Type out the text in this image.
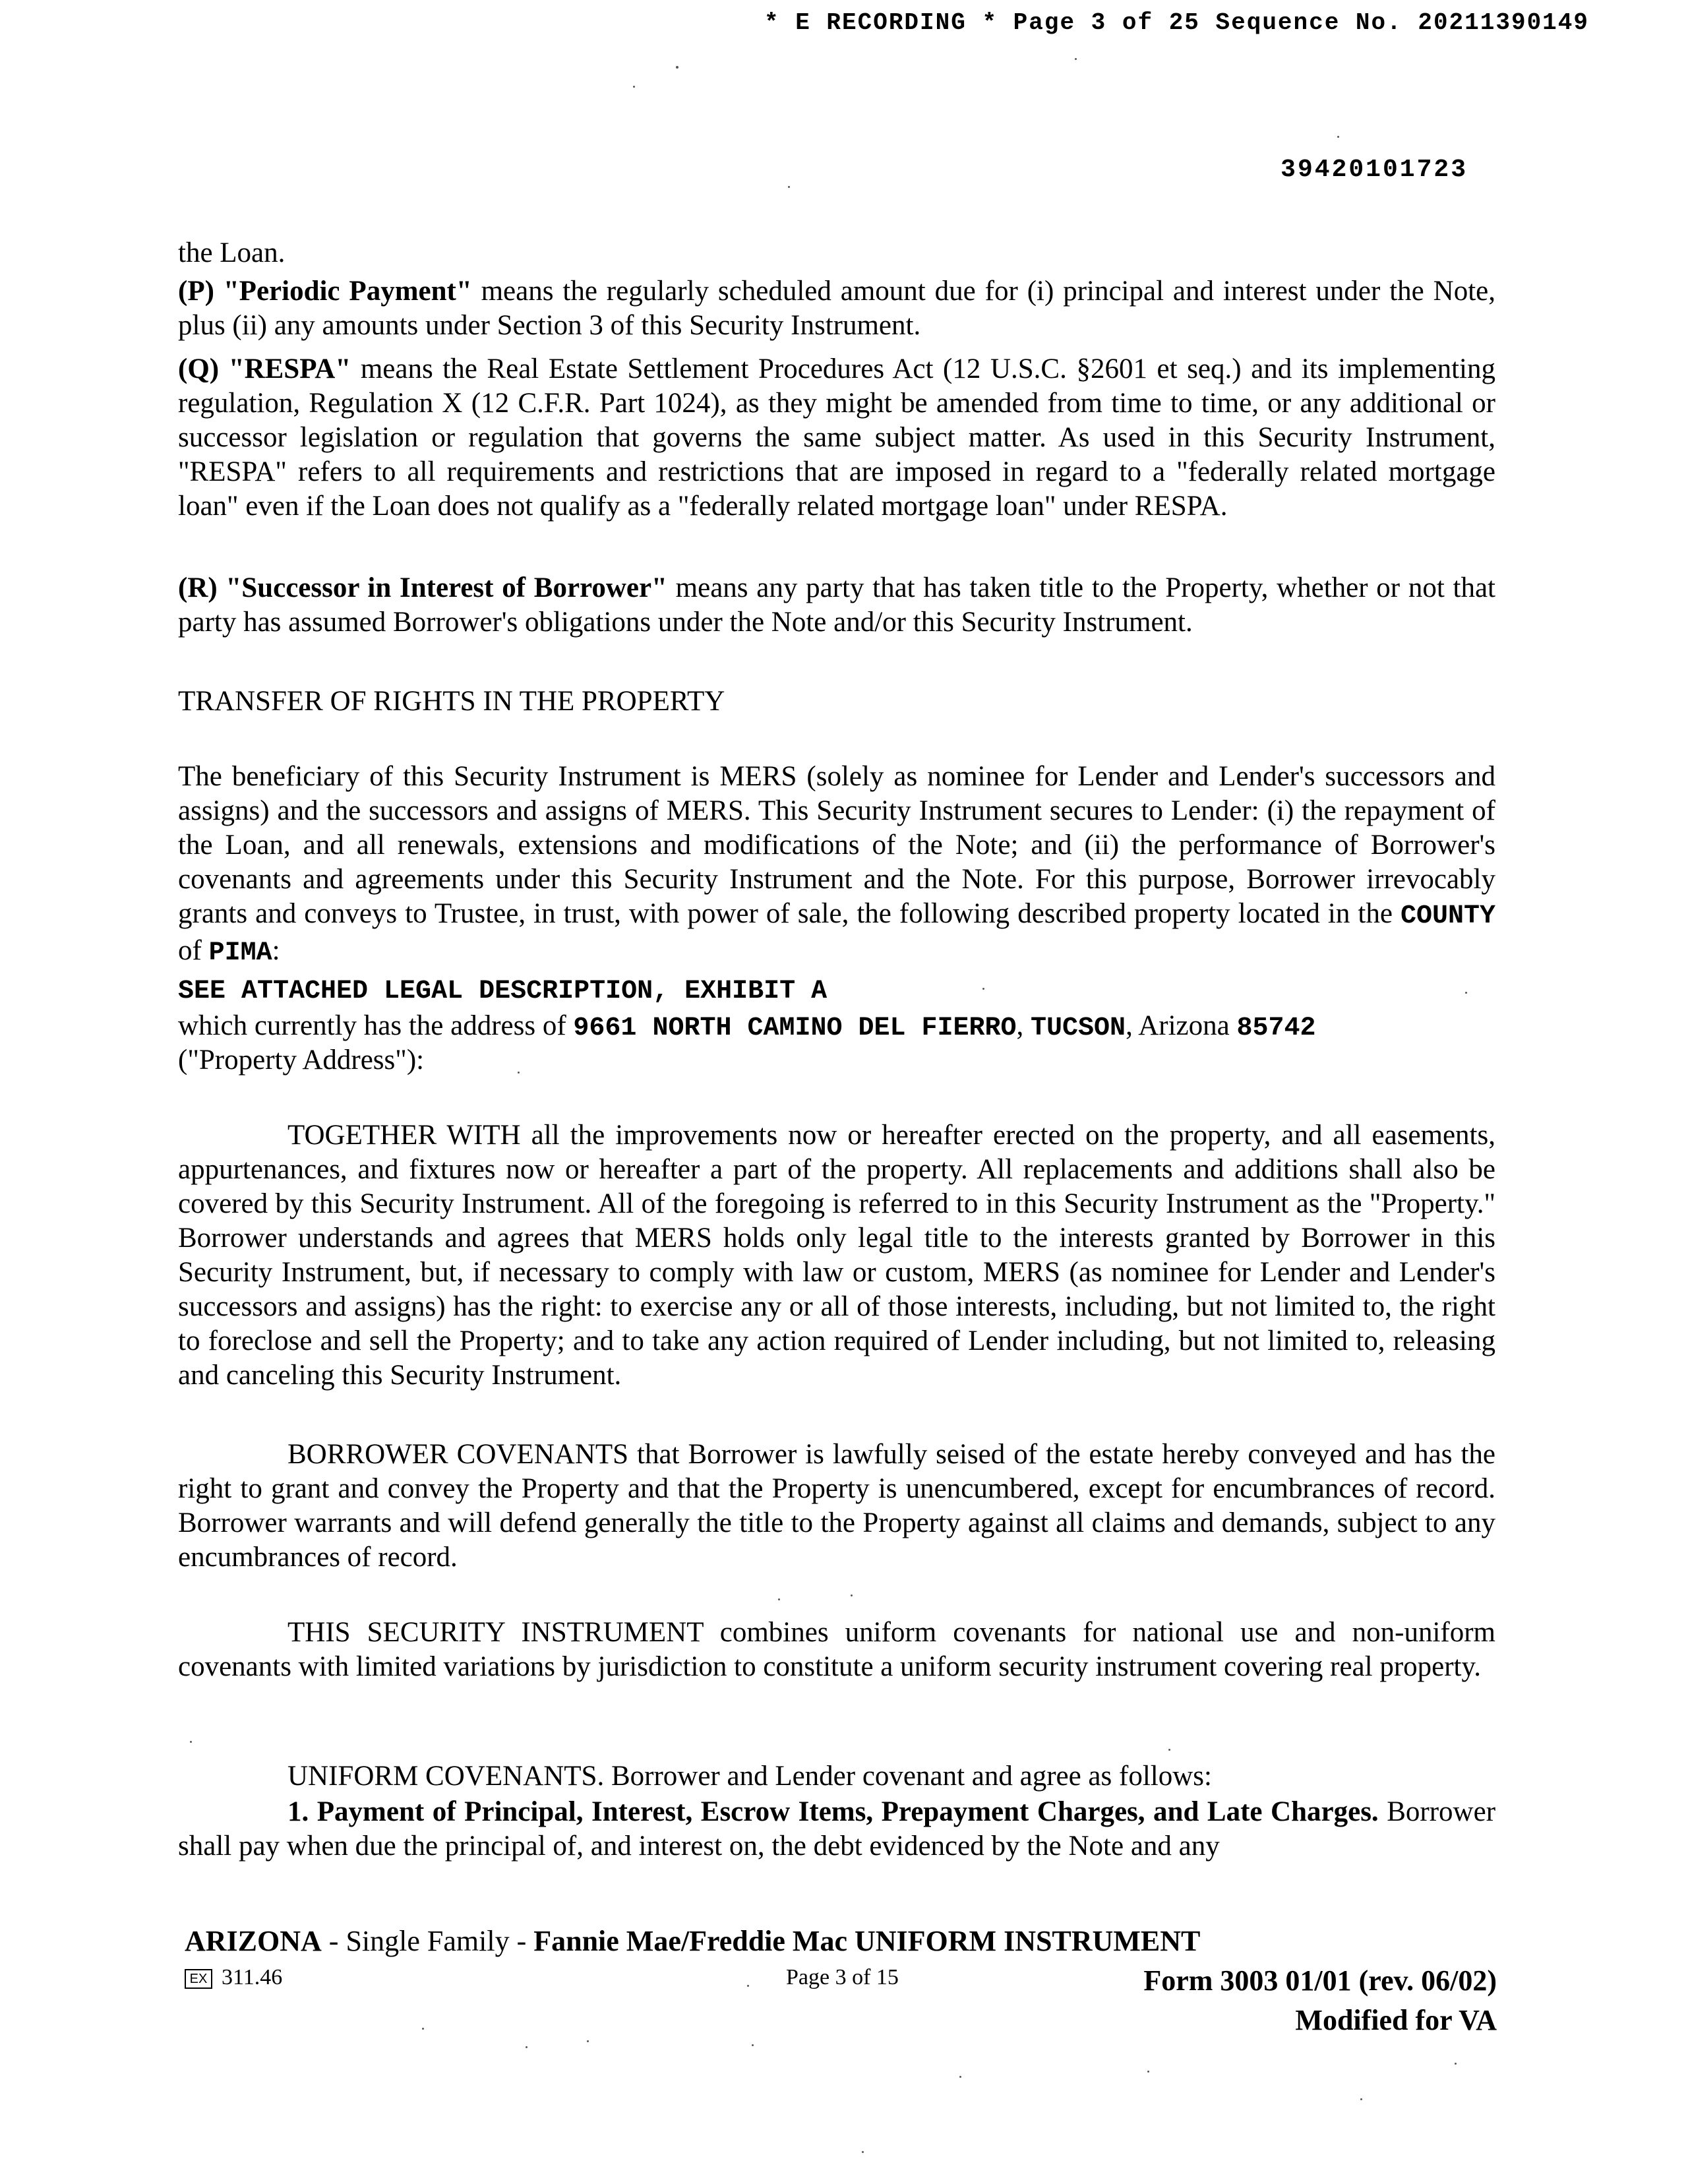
* E RECORDING * Page 3 of 25 Sequence No. 20211390149
39420101723

the Loan.

(P) "Periodic Payment" means the regularly scheduled amount due for (i) principal and interest under the Note, plus (ii) any amounts under Section 3 of this Security Instrument.

(Q) "RESPA" means the Real Estate Settlement Procedures Act (12 U.S.C. §2601 et seq.) and its implementing regulation, Regulation X (12 C.F.R. Part 1024), as they might be amended from time to time, or any additional or successor legislation or regulation that governs the same subject matter. As used in this Security Instrument, "RESPA" refers to all requirements and restrictions that are imposed in regard to a "federally related mortgage loan" even if the Loan does not qualify as a "federally related mortgage loan" under RESPA.

(R) "Successor in Interest of Borrower" means any party that has taken title to the Property, whether or not that party has assumed Borrower's obligations under the Note and/or this Security Instrument.

TRANSFER OF RIGHTS IN THE PROPERTY

The beneficiary of this Security Instrument is MERS (solely as nominee for Lender and Lender's successors and assigns) and the successors and assigns of MERS. This Security Instrument secures to Lender: (i) the repayment of the Loan, and all renewals, extensions and modifications of the Note; and (ii) the performance of Borrower's covenants and agreements under this Security Instrument and the Note. For this purpose, Borrower irrevocably grants and conveys to Trustee, in trust, with power of sale, the following described property located in the COUNTY of PIMA:

SEE ATTACHED LEGAL DESCRIPTION, EXHIBIT A

which currently has the address of 9661 NORTH CAMINO DEL FIERRO, TUCSON, Arizona 85742

("Property Address"):

TOGETHER WITH all the improvements now or hereafter erected on the property, and all easements, appurtenances, and fixtures now or hereafter a part of the property. All replacements and additions shall also be covered by this Security Instrument. All of the foregoing is referred to in this Security Instrument as the "Property." Borrower understands and agrees that MERS holds only legal title to the interests granted by Borrower in this Security Instrument, but, if necessary to comply with law or custom, MERS (as nominee for Lender and Lender's successors and assigns) has the right: to exercise any or all of those interests, including, but not limited to, the right to foreclose and sell the Property; and to take any action required of Lender including, but not limited to, releasing and canceling this Security Instrument.

BORROWER COVENANTS that Borrower is lawfully seised of the estate hereby conveyed and has the right to grant and convey the Property and that the Property is unencumbered, except for encumbrances of record. Borrower warrants and will defend generally the title to the Property against all claims and demands, subject to any encumbrances of record.

THIS SECURITY INSTRUMENT combines uniform covenants for national use and non-uniform covenants with limited variations by jurisdiction to constitute a uniform security instrument covering real property.

UNIFORM COVENANTS. Borrower and Lender covenant and agree as follows:

1. Payment of Principal, Interest, Escrow Items, Prepayment Charges, and Late Charges. Borrower shall pay when due the principal of, and interest on, the debt evidenced by the Note and any

ARIZONA - Single Family - Fannie Mae/Freddie Mac UNIFORM INSTRUMENT
EX 311.46	Page 3 of 15	Form 3003 01/01 (rev. 06/02)
Modified for VA
